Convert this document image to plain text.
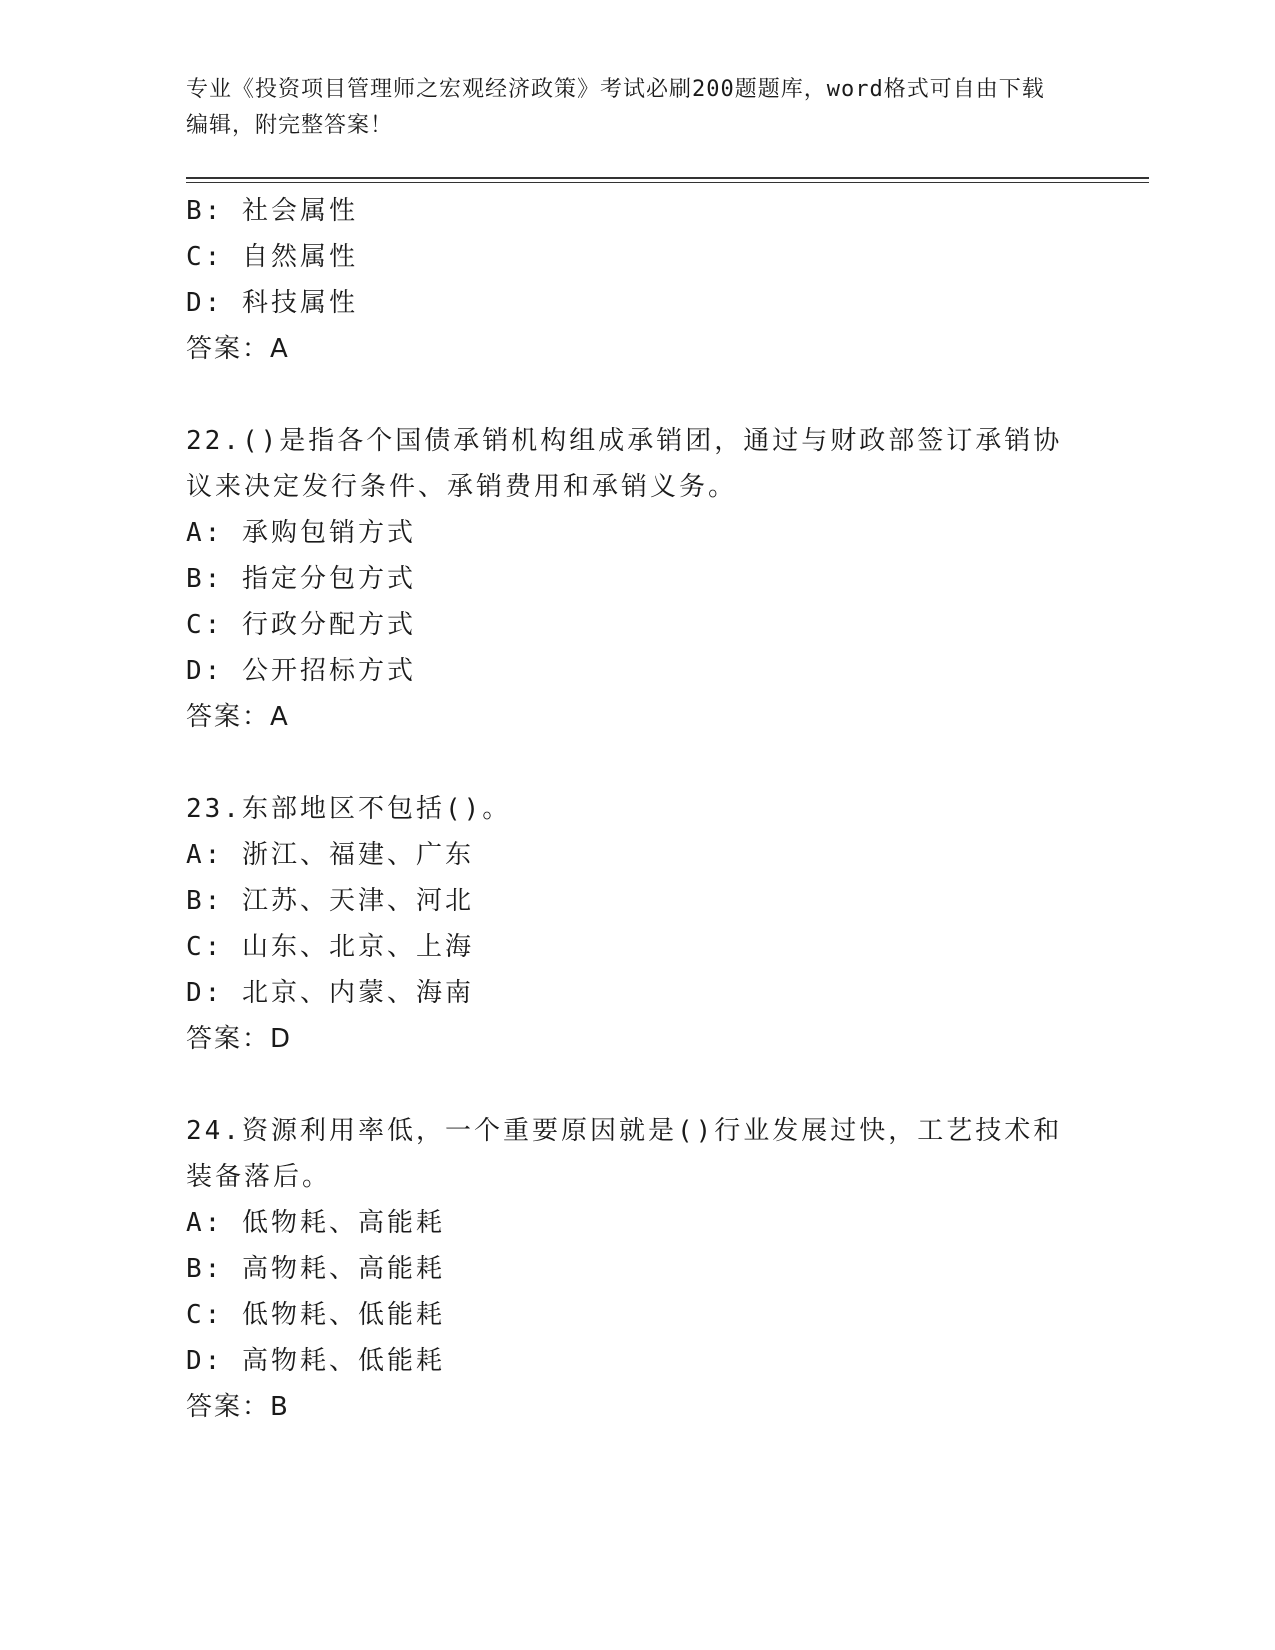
专业《投资项目管理师之宏观经济政策》考试必刷200题题库，word格式可自由下载编辑，附完整答案！
B: 社会属性
C: 自然属性
D: 科技属性
答案：A
22.()是指各个国债承销机构组成承销团，通过与财政部签订承销协议来决定发行条件、承销费用和承销义务。
A: 承购包销方式
B: 指定分包方式
C: 行政分配方式
D: 公开招标方式
答案：A
23.东部地区不包括()。
A: 浙江、福建、广东
B: 江苏、天津、河北
C: 山东、北京、上海
D: 北京、内蒙、海南
答案：D
24.资源利用率低，一个重要原因就是()行业发展过快，工艺技术和装备落后。
A: 低物耗、高能耗
B: 高物耗、高能耗
C: 低物耗、低能耗
D: 高物耗、低能耗
答案：B
